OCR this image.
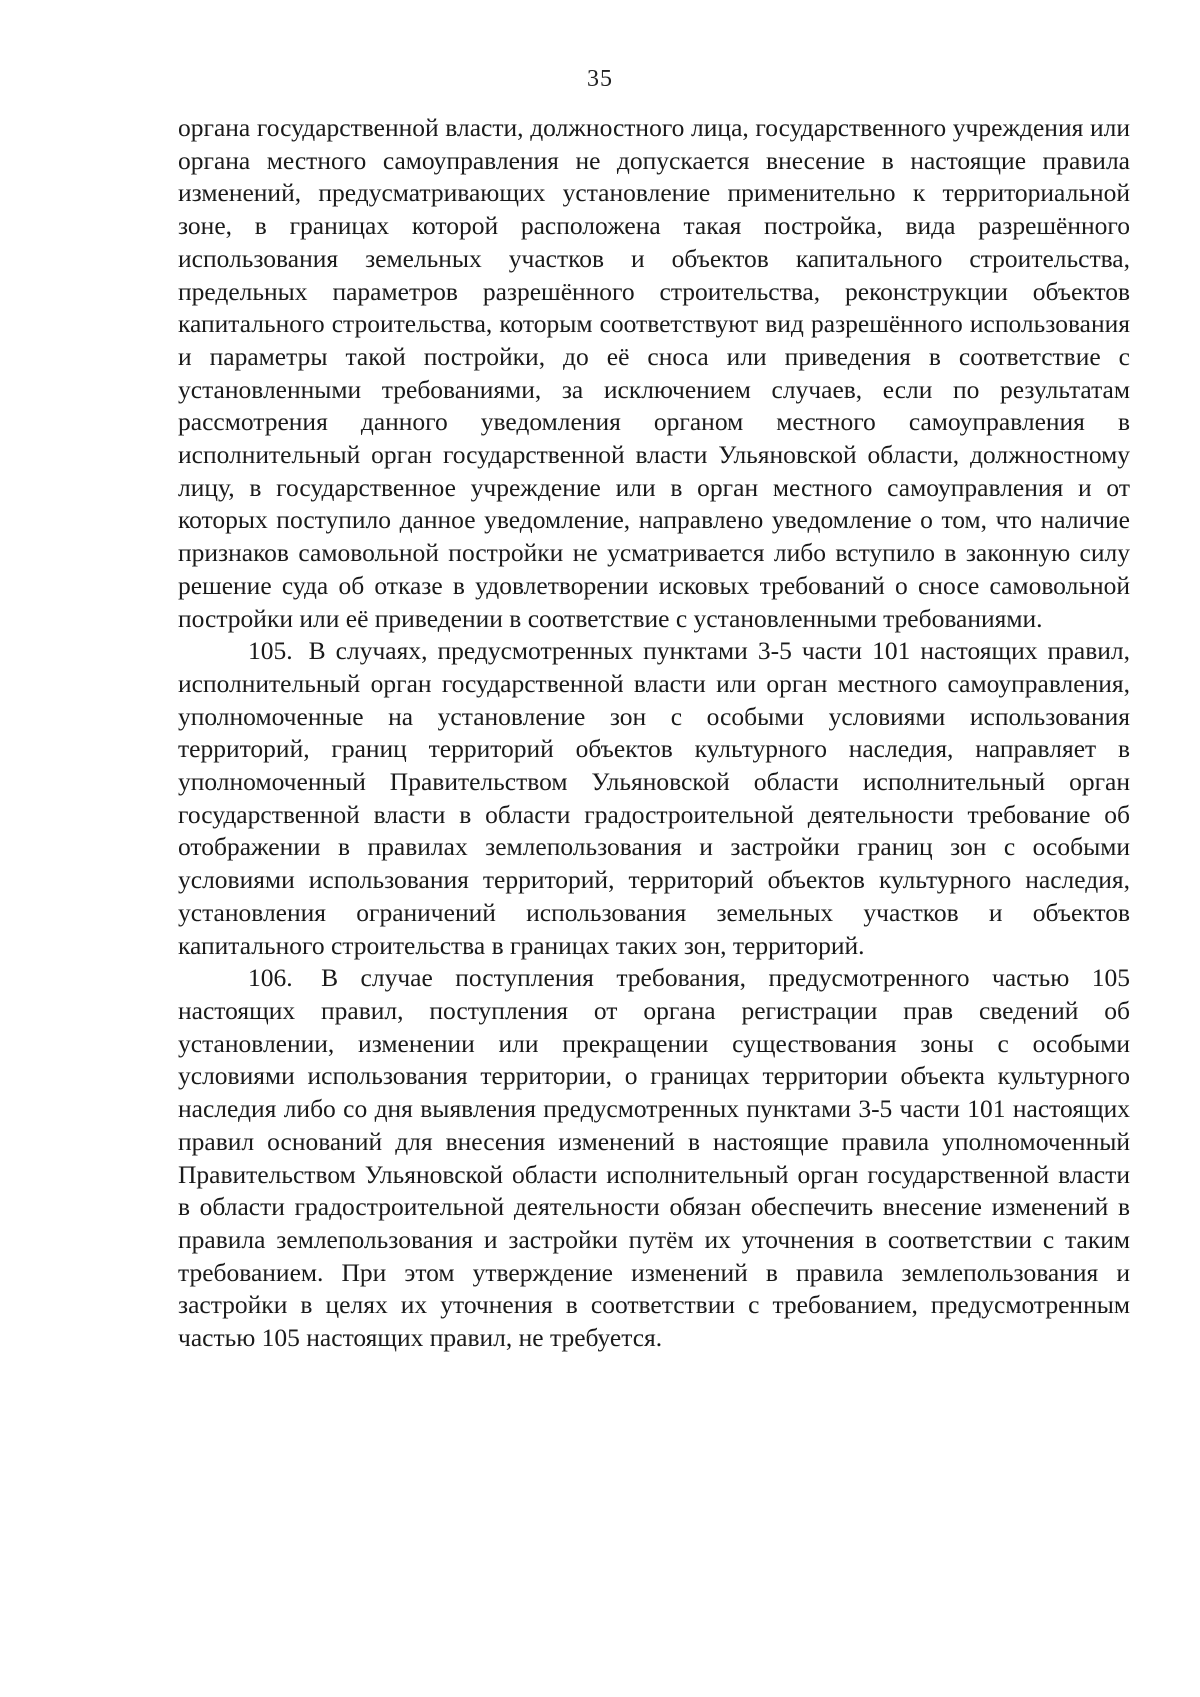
35

органа государственной власти, должностного лица, государственного учреждения или органа местного самоуправления не допускается внесение в настоящие правила изменений, предусматривающих установление применительно к территориальной зоне, в границах которой расположена такая постройка, вида разрешённого использования земельных участков и объектов капитального строительства, предельных параметров разрешённого строительства, реконструкции объектов капитального строительства, которым соответствуют вид разрешённого использования и параметры такой постройки, до её сноса или приведения в соответствие с установленными требованиями, за исключением случаев, если по результатам рассмотрения данного уведомления органом местного самоуправления в исполнительный орган государственной власти Ульяновской области, должностному лицу, в государственное учреждение или в орган местного самоуправления и от которых поступило данное уведомление, направлено уведомление о том, что наличие признаков самовольной постройки не усматривается либо вступило в законную силу решение суда об отказе в удовлетворении исковых требований о сносе самовольной постройки или её приведении в соответствие с установленными требованиями.

105. В случаях, предусмотренных пунктами 3-5 части 101 настоящих правил, исполнительный орган государственной власти или орган местного самоуправления, уполномоченные на установление зон с особыми условиями использования территорий, границ территорий объектов культурного наследия, направляет в уполномоченный Правительством Ульяновской области исполнительный орган государственной власти в области градостроительной деятельности требование об отображении в правилах землепользования и застройки границ зон с особыми условиями использования территорий, территорий объектов культурного наследия, установления ограничений использования земельных участков и объектов капитального строительства в границах таких зон, территорий.

106. В случае поступления требования, предусмотренного частью 105 настоящих правил, поступления от органа регистрации прав сведений об установлении, изменении или прекращении существования зоны с особыми условиями использования территории, о границах территории объекта культурного наследия либо со дня выявления предусмотренных пунктами 3-5 части 101 настоящих правил оснований для внесения изменений в настоящие правила уполномоченный Правительством Ульяновской области исполнительный орган государственной власти в области градостроительной деятельности обязан обеспечить внесение изменений в правила землепользования и застройки путём их уточнения в соответствии с таким требованием. При этом утверждение изменений в правила землепользования и застройки в целях их уточнения в соответствии с требованием, предусмотренным частью 105 настоящих правил, не требуется.
